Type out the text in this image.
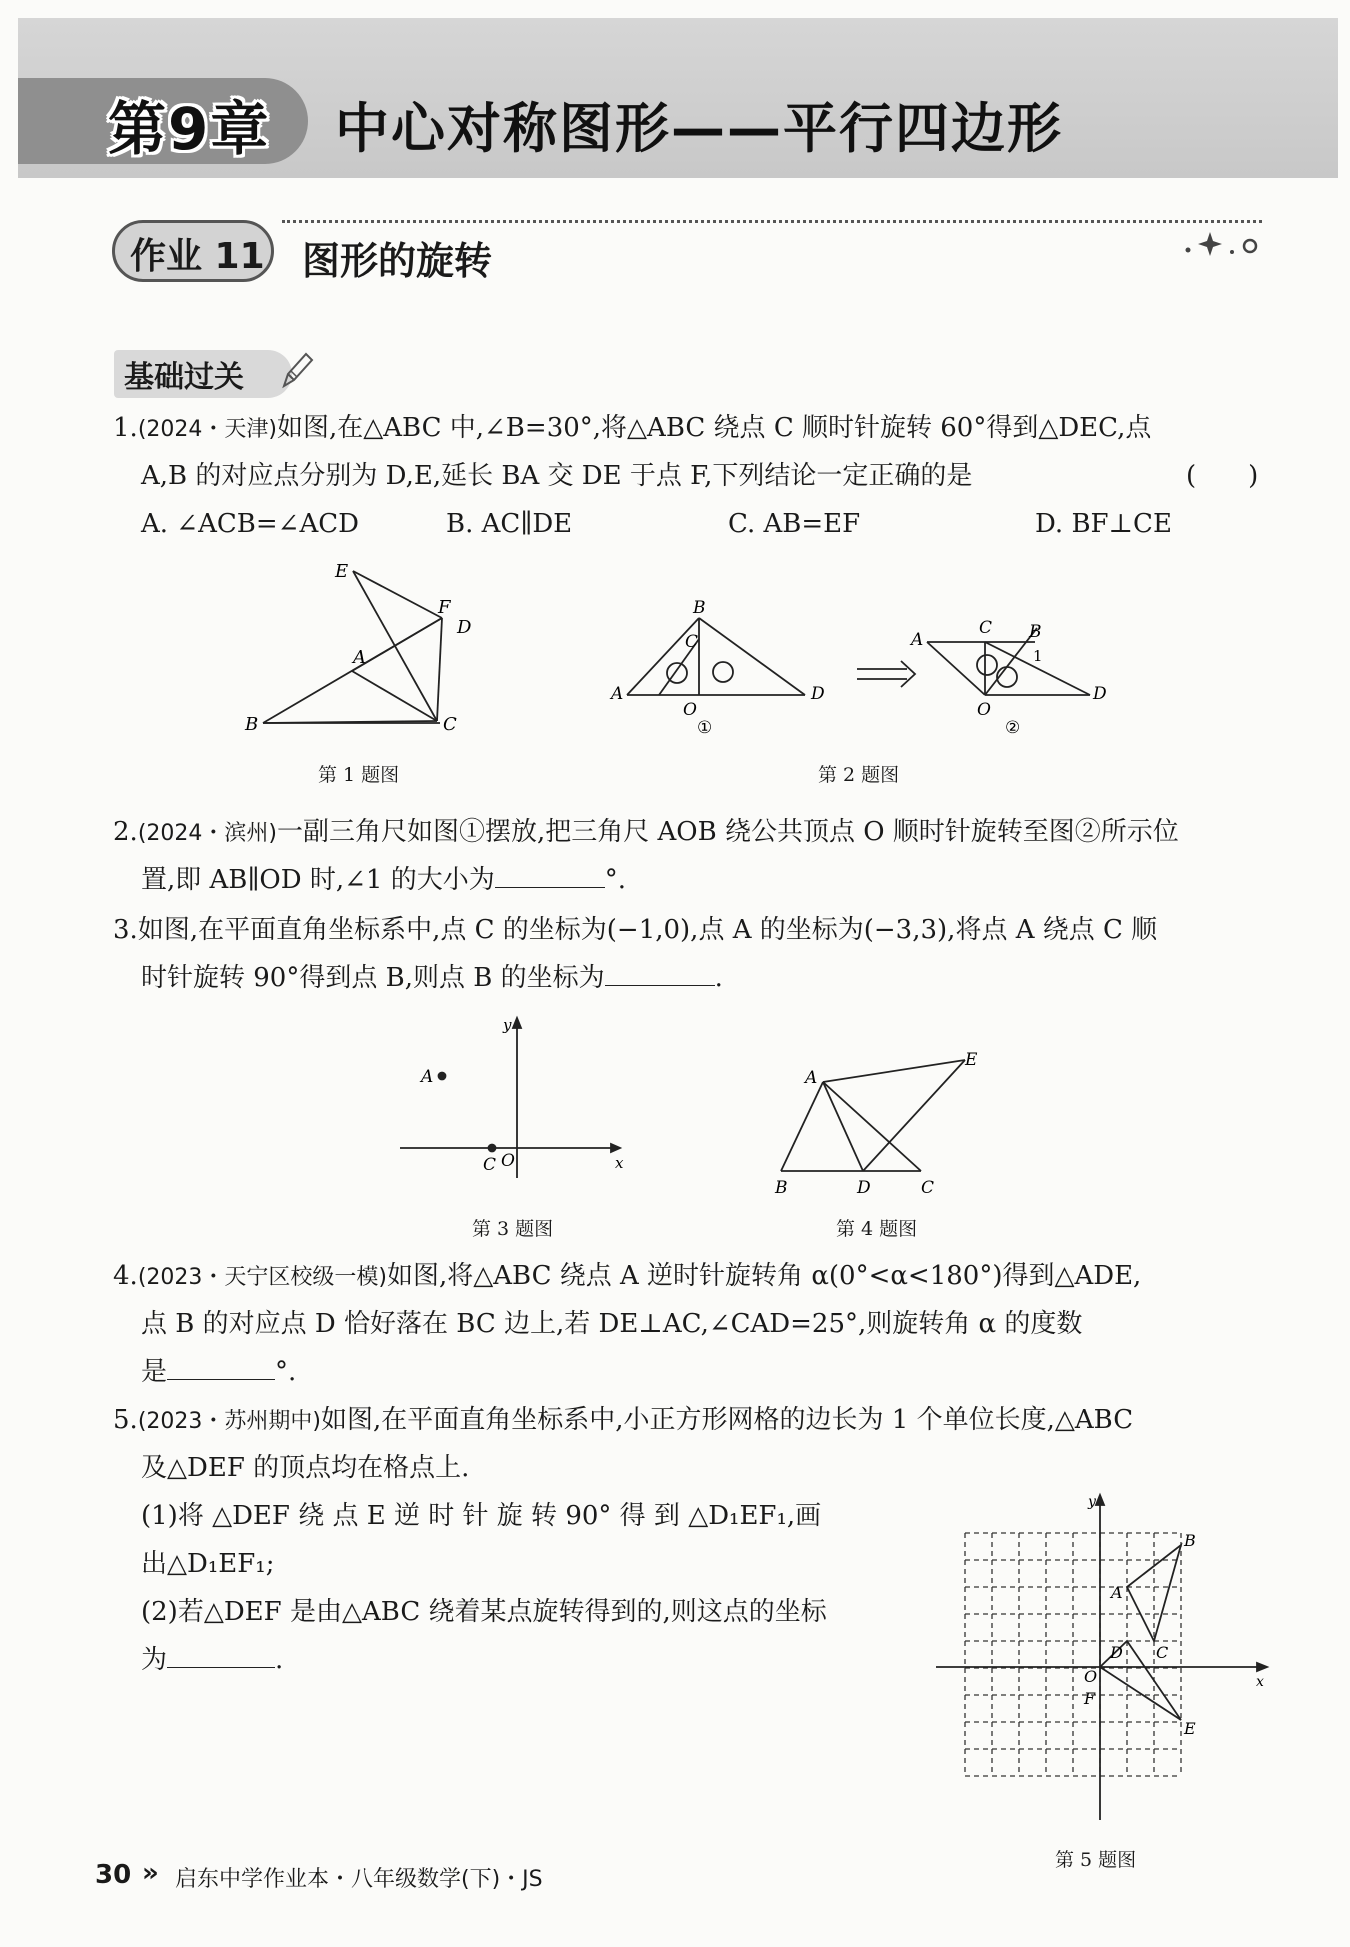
第9章 中心对称图形——平行四边形
作业 11 图形的旋转
基础过关
1.(2024・天津)如图,在△ABC 中,∠B=30°,将△ABC 绕点 C 顺时针旋转 60°得到△DEC,点
A,B 的对应点分别为 D,E,延长 BA 交 DE 于点 F,下列结论一定正确的是	(　　)
A. ∠ACB=∠ACD	B. AC∥DE	C. AB=EF	D. BF⊥CE
E
F
D
A
B	C
第 1 题图
B
C
A
O
D
①
C B
A
1
O
D
②
第 2 题图
2.(2024・滨州)一副三角尺如图①摆放,把三角尺 AOB 绕公共顶点 O 顺时针旋转至图②所示位
置,即 AB∥OD 时,∠1 的大小为	°.
3.如图,在平面直角坐标系中,点 C 的坐标为(−1,0),点 A 的坐标为(−3,3),将点 A 绕点 C 顺
时针旋转 90°得到点 B,则点 B 的坐标为	.
y
A
C O	x
第 3 题图
A
E
B	D	C
第 4 题图
4.(2023・天宁区校级一模)如图,将△ABC 绕点 A 逆时针旋转角 α(0°<α<180°)得到△ADE,
点 B 的对应点 D 恰好落在 BC 边上,若 DE⊥AC,∠CAD=25°,则旋转角 α 的度数
是	°.
5.(2023・苏州期中)如图,在平面直角坐标系中,小正方形网格的边长为 1 个单位长度,△ABC
及△DEF 的顶点均在格点上.
(1)将 △DEF 绕 点 E 逆 时 针 旋 转 90° 得 到 △D₁EF₁,画
出△D₁EF₁;
(2)若△DEF 是由△ABC 绕着某点旋转得到的,则这点的坐标
为	.
y
B
A
C
D
O
F
E
x
第 5 题图
30 » 启东中学作业本・八年级数学(下)・JS
